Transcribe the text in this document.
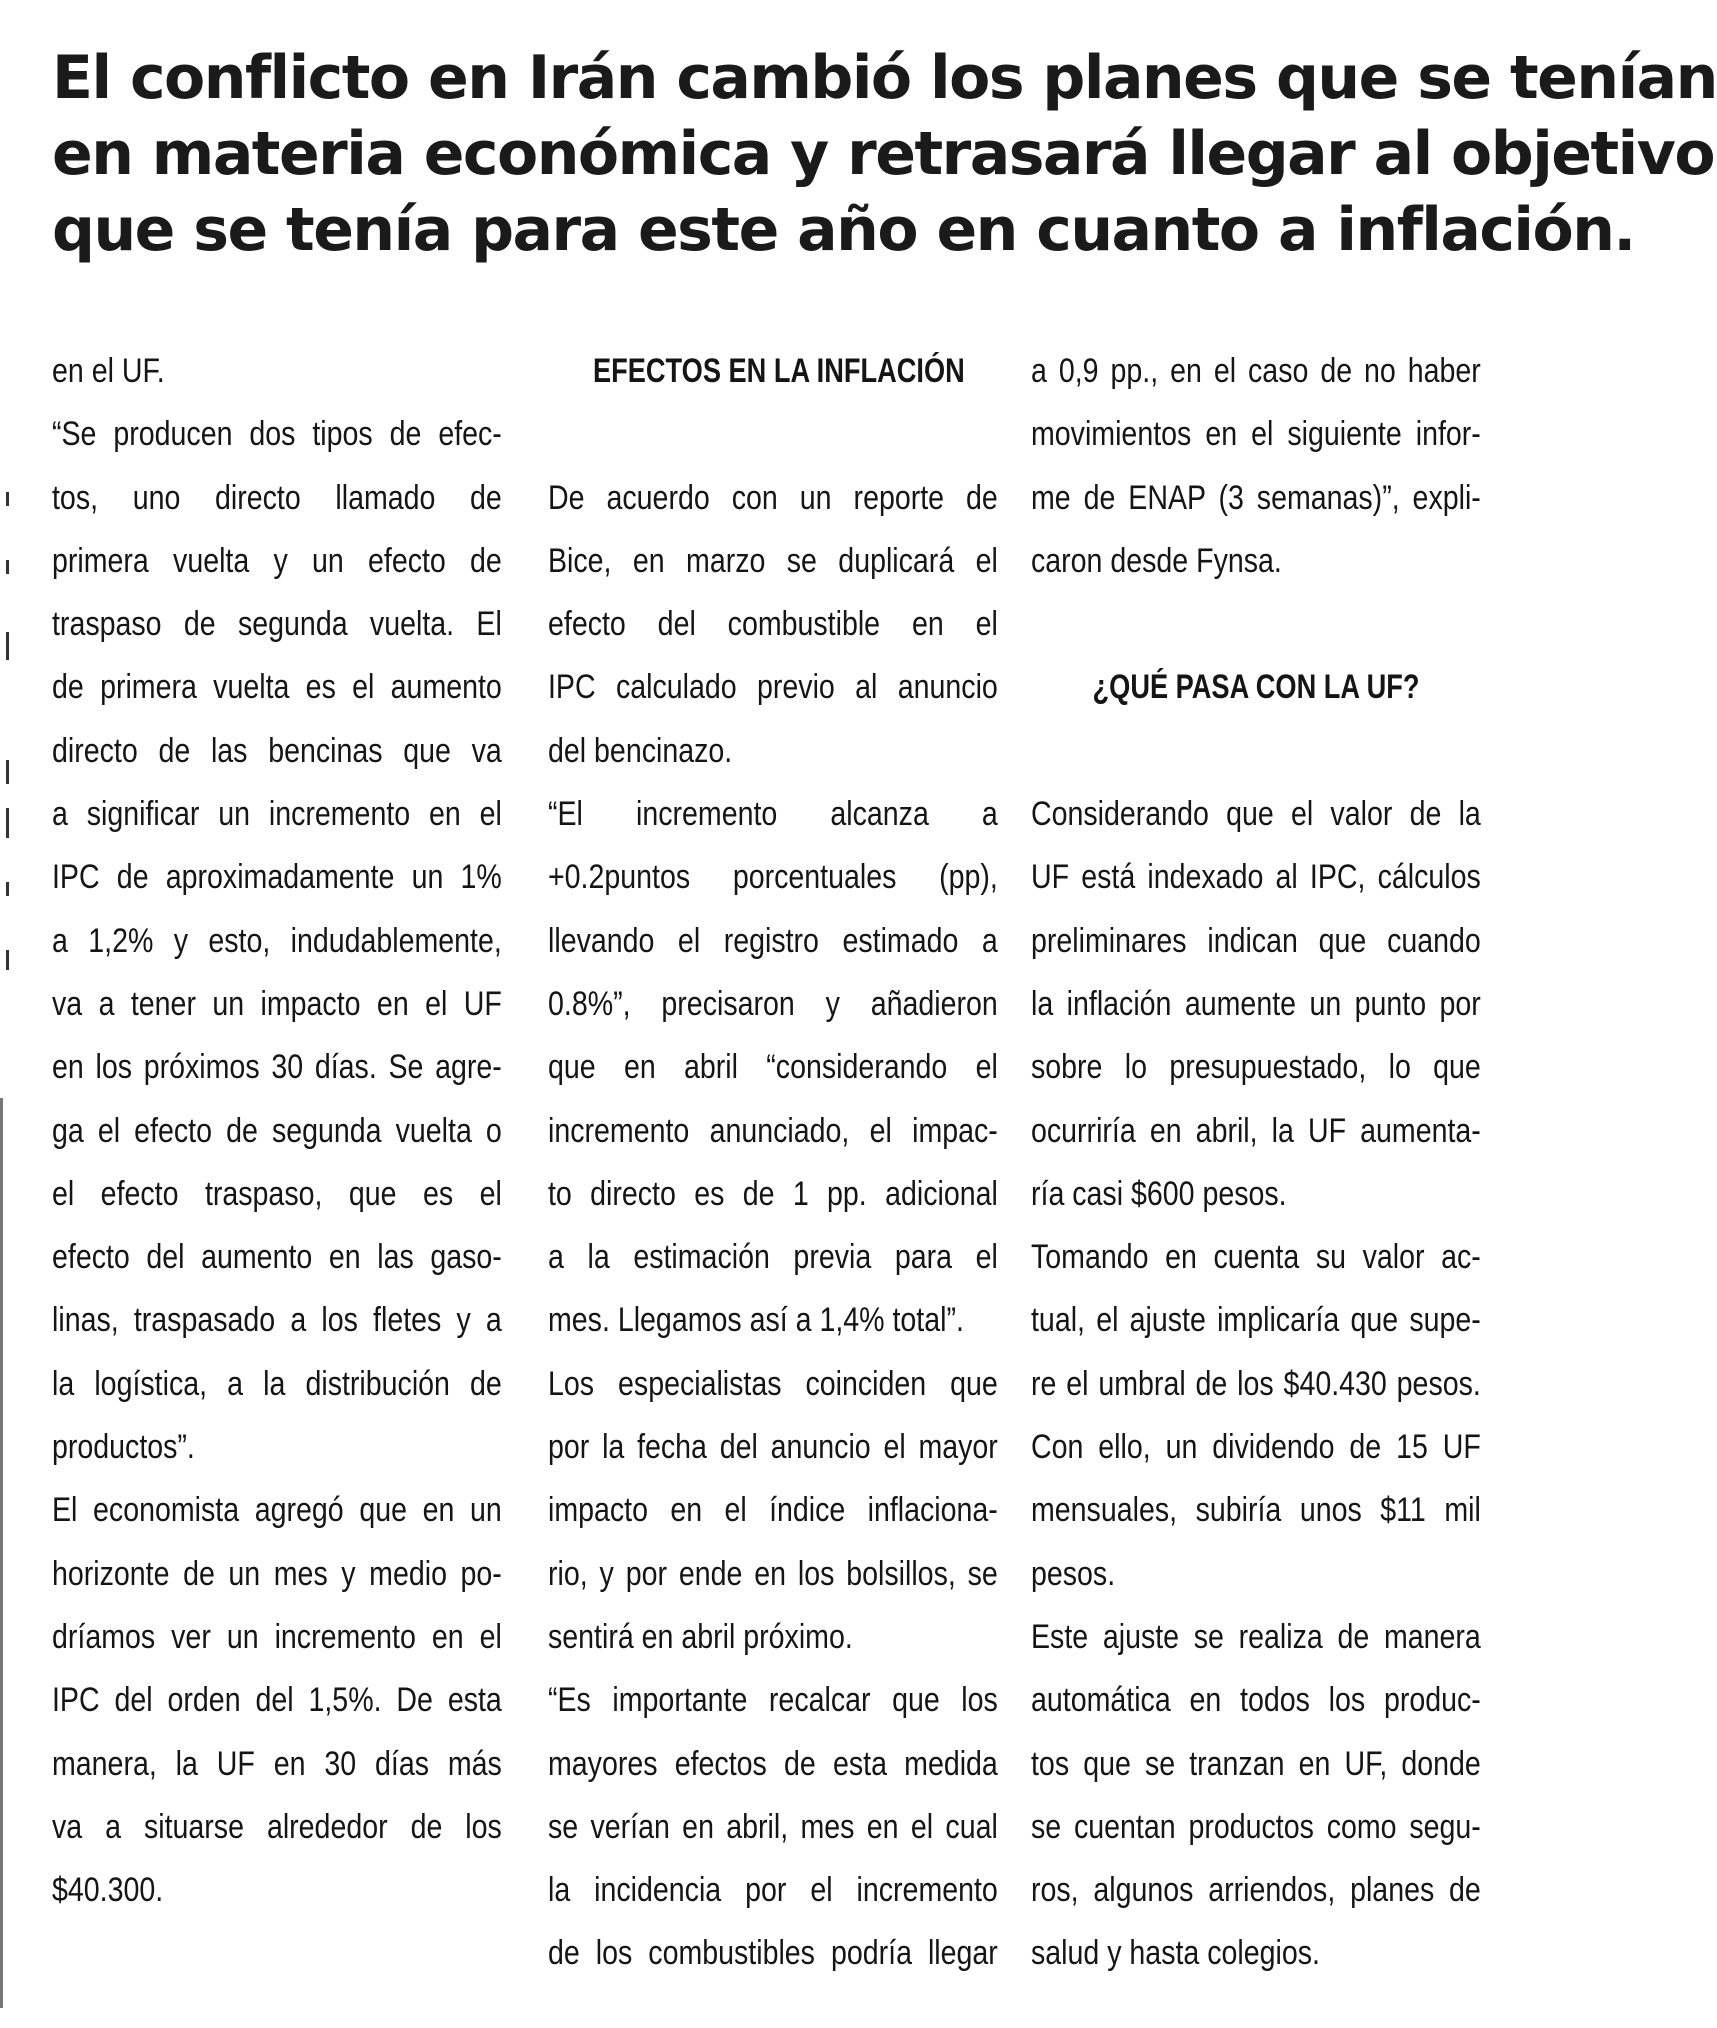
El conflicto en Irán cambió los planes que se tenían
en materia económica y retrasará llegar al objetivo
que se tenía para este año en cuanto a inflación.
en el UF.
“Se producen dos tipos de efec-
tos, uno directo llamado de
primera vuelta y un efecto de
traspaso de segunda vuelta. El
de primera vuelta es el aumento
directo de las bencinas que va
a significar un incremento en el
IPC de aproximadamente un 1%
a 1,2% y esto, indudablemente,
va a tener un impacto en el UF
en los próximos 30 días. Se agre-
ga el efecto de segunda vuelta o
el efecto traspaso, que es el
efecto del aumento en las gaso-
linas, traspasado a los fletes y a
la logística, a la distribución de
productos”.
El economista agregó que en un
horizonte de un mes y medio po-
dríamos ver un incremento en el
IPC del orden del 1,5%. De esta
manera, la UF en 30 días más
va a situarse alrededor de los
$40.300.
EFECTOS EN LA INFLACIÓN
De acuerdo con un reporte de
Bice, en marzo se duplicará el
efecto del combustible en el
IPC calculado previo al anuncio
del bencinazo.
“El incremento alcanza a
+0.2puntos porcentuales (pp),
llevando el registro estimado a
0.8%”, precisaron y añadieron
que en abril “considerando el
incremento anunciado, el impac-
to directo es de 1 pp. adicional
a la estimación previa para el
mes. Llegamos así a 1,4% total”.
Los especialistas coinciden que
por la fecha del anuncio el mayor
impacto en el índice inflaciona-
rio, y por ende en los bolsillos, se
sentirá en abril próximo.
“Es importante recalcar que los
mayores efectos de esta medida
se verían en abril, mes en el cual
la incidencia por el incremento
de los combustibles podría llegar
a 0,9 pp., en el caso de no haber
movimientos en el siguiente infor-
me de ENAP (3 semanas)”, expli-
caron desde Fynsa.
¿QUÉ PASA CON LA UF?
Considerando que el valor de la
UF está indexado al IPC, cálculos
preliminares indican que cuando
la inflación aumente un punto por
sobre lo presupuestado, lo que
ocurriría en abril, la UF aumenta-
ría casi $600 pesos.
Tomando en cuenta su valor ac-
tual, el ajuste implicaría que supe-
re el umbral de los $40.430 pesos.
Con ello, un dividendo de 15 UF
mensuales, subiría unos $11 mil
pesos.
Este ajuste se realiza de manera
automática en todos los produc-
tos que se tranzan en UF, donde
se cuentan productos como segu-
ros, algunos arriendos, planes de
salud y hasta colegios.
